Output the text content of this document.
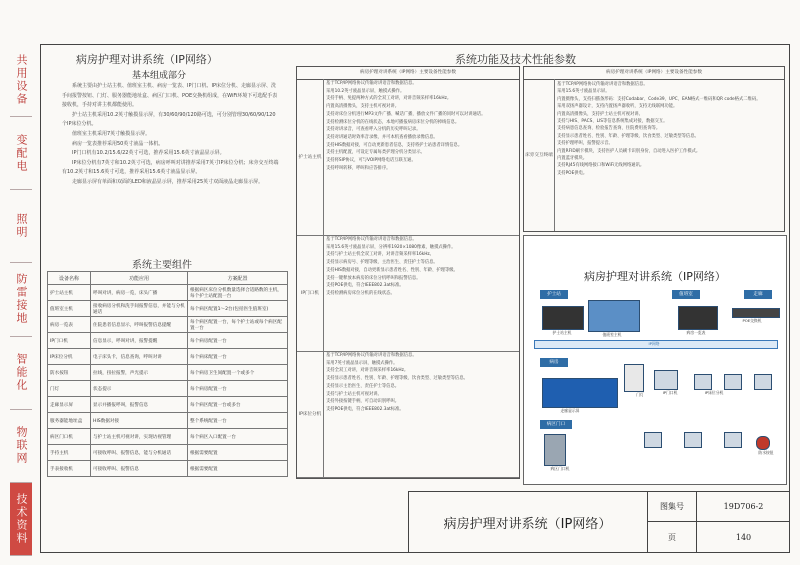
共用设备
变配电
照明
防雷接地
智能化
物联网
技术资料
病房护理对讲系统（IP网络）
基本组成部分

系统主要由护士站主机、值班室主机、病房一览表、IP门口机、IP床位分机、走廊显示屏、洗手间报警按钮、门灯、服务器能地址盒、病区门口机、POE交换机组成，在WiFi环境下可选配手表接收机，手持对讲主机都能使用。

护士站主机采用10.2英寸触摸显示屏，有30/60/90/120路可选，可分别管理30/60/90/120个IP床位分机。

值班室主机采用7英寸触摸显示屏。

病房一览表推荐采用50英寸液晶一体机。

IP门口机有10.2/15.6/22英寸可选，推荐采用15.6英寸液晶显示屏。

IP床位分机有7英寸和10.2英寸可选，病房呼叫对讲推荐采用7英寸IP床位分机；床旁交互终端有10.2英寸和15.6英寸可选，推荐采用15.6英寸液晶显示屏。

走廊显示屏有单面和双面的LED和液晶显示屏，推荐采用25英寸双面液晶走廊显示屏。

系统主要组件
设备名称	功能应用	方案配置
护士站主机	呼叫对讲，病房一览，床头广播	根据病区床位分机数量选择合适路数的主机，每个护士站配置一台
值班室主机	接收病房分机和洗手间报警信息，并能与分机通话	每个病区配置1～2台(包括医生值班室)
病房一览表	住院患者信息显示，呼叫报警信息提醒	每个病区配置一台，每个护士站或每个病区配置一台
IP门口机	信息显示，呼叫对讲，报警提醒	每个病房配置一台
IP床位分机	电子床头卡，信息查询，呼叫对讲	每个病床配置一台
防水按钮	拉线，扭拉报警，声光提示	每个病房卫生间配置一个或多个
门灯	状态提示	每个病房配置一台
走廊显示屏	显示并播报呼叫，报警信息	每个病区配置一台或多台
服务器能地址盒	HIS数据对接	整个系统配置一台
病区门口机	与护士站主机可视对讲，实现访视管理	每个病区入口配置一台
手持主机	可接收呼叫、报警信息，能与分机通话	根据需要配置
手表接收机	可接收呼叫、报警信息	根据需要配置
系统功能及技术性能参数
病房护理对讲系统（IP网络）主要设备性能参数
护士站主机
基于TCP/IP网络协议传输对讲语音和数据信息。
采用10.2英寸液晶显示屏，触摸式操作。
支持手柄、免提两种方式的全双工对讲，对讲音频采样率16kHz。
内置高清摄像头，支持主机可视对讲。
支持对床位分机进行MP3文件广播、喊话广播，播放文件广播的同时可以对讲通话。
支持检测床位分机的在线状态，本地可播报病房床位分机的掉线信息。
支持对讲录音，可查看呼入分机的历史呼叫记录。
支持对讲通话时效率音录像，并可本机查看播放录像信息。
支持HIS数据对接，可自动更新患者信息，支持将护士站患者详情信息。
支持主机配置，可设定专属每类护理分机分类显示。
支持将SIP协议，可与VOIP网络电话互联互通。
支持呼叫转移、呼叫和应答排序。
IP门口机
基于TCP/IP网络协议传输对讲语音和数据信息。
采用15.6英寸液晶显示屏，分辨率1920×1080像素，触摸式操作。
支持与护士站主机全双工对讲，对讲音频采样率16kHz。
支持显示病房号、护理等级、主治医生、责任护士等信息。
支持HIS数据对接，自动更新显示患者姓名、性别、年龄、护理等级。
支持一键释放本病房的床位分机呼叫和报警信息。
支持POE供电，符合IEEE802.3at标准。
支持检测病房床位分机的在线状态。
IP床位分机
基于TCP/IP网络协议传输对讲语音和数据信息。
采用7英寸液晶显示屏，触摸式操作。
支持全双工对讲，对讲音频采样率16kHz。
支持显示患者姓名、性别、年龄、护理等级、饮食类型、过敏类型等信息。
支持显示主治医生、责任护士等信息。
支持与护士站主机可视对讲。
支持外接按键手柄，可自动识别呼叫。
支持POE供电，符合IEEE802.3at标准。
病房护理对讲系统（IP网络）主要设备性能参数
床旁交互终端
基于TCP/IP网络协议传输对讲语音和数据信息。
采用15.6英寸液晶显示屏。
内置摄像头，支持扫描条形码：支持Codabar、Code39、UPC、EAN格式一维码和QR code格式二维码。
采用双扬声器设计，支持内置扬声器收听，支持无线联网功能。
内置高清摄像头，支持护士站主机可视对讲。
支持与HIS、PACS、LIS等信息系统集成对接，数据交互。
支持病患信息查询、检验报告查询、住院费用查询等。
支持显示患者姓名、性别、年龄、护理等级、饮食类型、过敏类型等信息。
支持护理呼叫，报警提示音。
内置RFID刷卡模块，支持医护人员刷卡识别身份，自动进入医护工作模式。
内置蓝牙模块。
支持RJ45有线网络接口和WiFi无线网络通讯。
支持POE供电。
病房护理对讲系统（IP网络）
护士站	值班室	走廊
IP网络
病房
病区门口
护士站主机	值班室主机	病房一览表
POE交换机
IP门口机	IP床位分机
走廊显示屏
病区门口机
门灯
防水按钮
病房护理对讲系统（IP网络）
图集号	19D706-2
页	140
